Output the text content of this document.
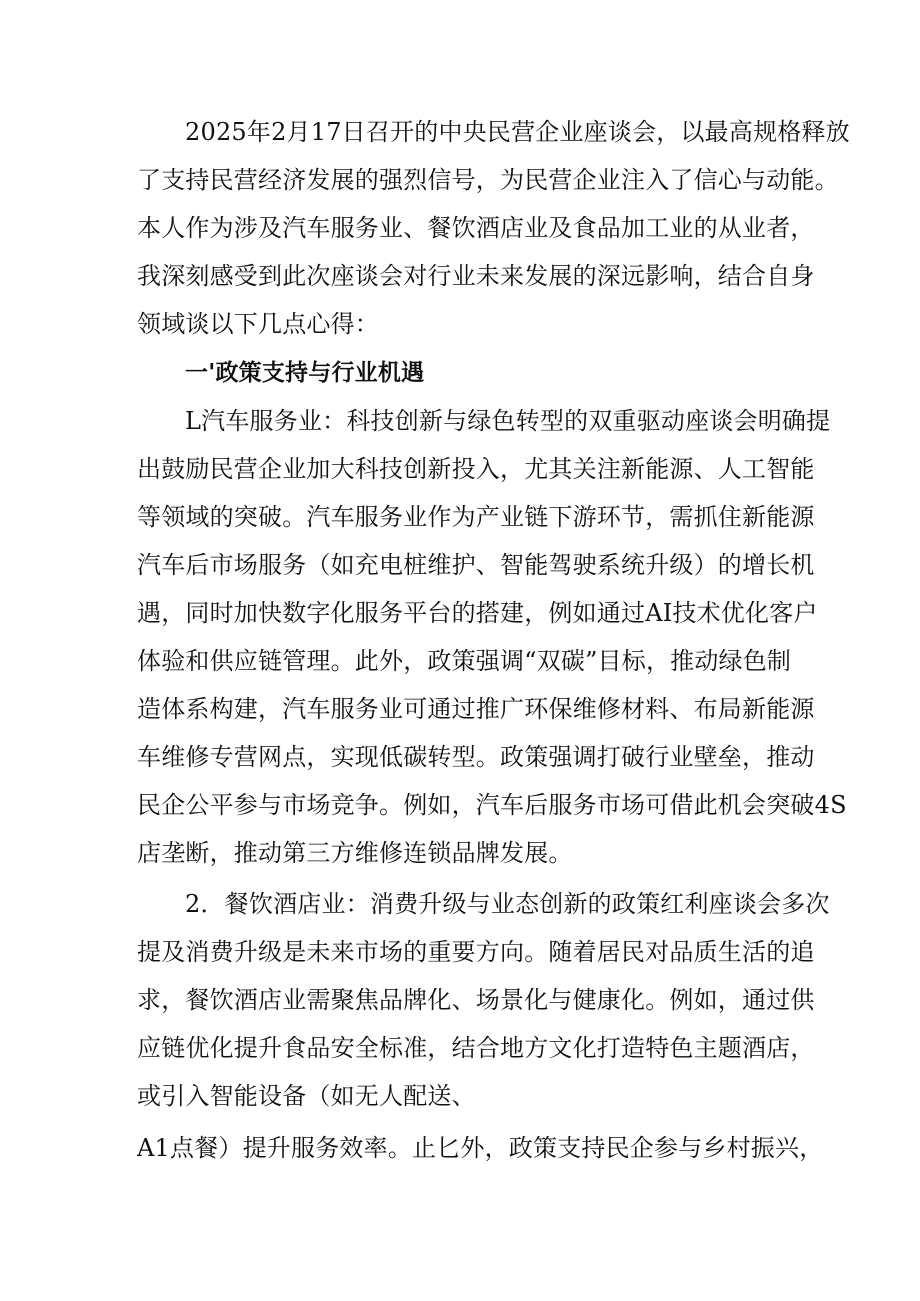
2025年2月17日召开的中央民营企业座谈会，以最高规格释放
了支持民营经济发展的强烈信号，为民营企业注入了信心与动能。
本人作为涉及汽车服务业、餐饮酒店业及食品加工业的从业者，
我深刻感受到此次座谈会对行业未来发展的深远影响，结合自身
领域谈以下几点心得：
一'政策支持与行业机遇
L汽车服务业：科技创新与绿色转型的双重驱动座谈会明确提
出鼓励民营企业加大科技创新投入，尤其关注新能源、人工智能
等领域的突破。汽车服务业作为产业链下游环节，需抓住新能源
汽车后市场服务（如充电桩维护、智能驾驶系统升级）的增长机
遇，同时加快数字化服务平台的搭建，例如通过AI技术优化客户
体验和供应链管理。此外，政策强调“双碳”目标，推动绿色制
造体系构建，汽车服务业可通过推广环保维修材料、布局新能源
车维修专营网点，实现低碳转型。政策强调打破行业壁垒，推动
民企公平参与市场竞争。例如，汽车后服务市场可借此机会突破4S
店垄断，推动第三方维修连锁品牌发展。
2．餐饮酒店业：消费升级与业态创新的政策红利座谈会多次
提及消费升级是未来市场的重要方向。随着居民对品质生活的追
求，餐饮酒店业需聚焦品牌化、场景化与健康化。例如，通过供
应链优化提升食品安全标准，结合地方文化打造特色主题酒店，
或引入智能设备（如无人配送、
A1点餐）提升服务效率。止匕外，政策支持民企参与乡村振兴，
